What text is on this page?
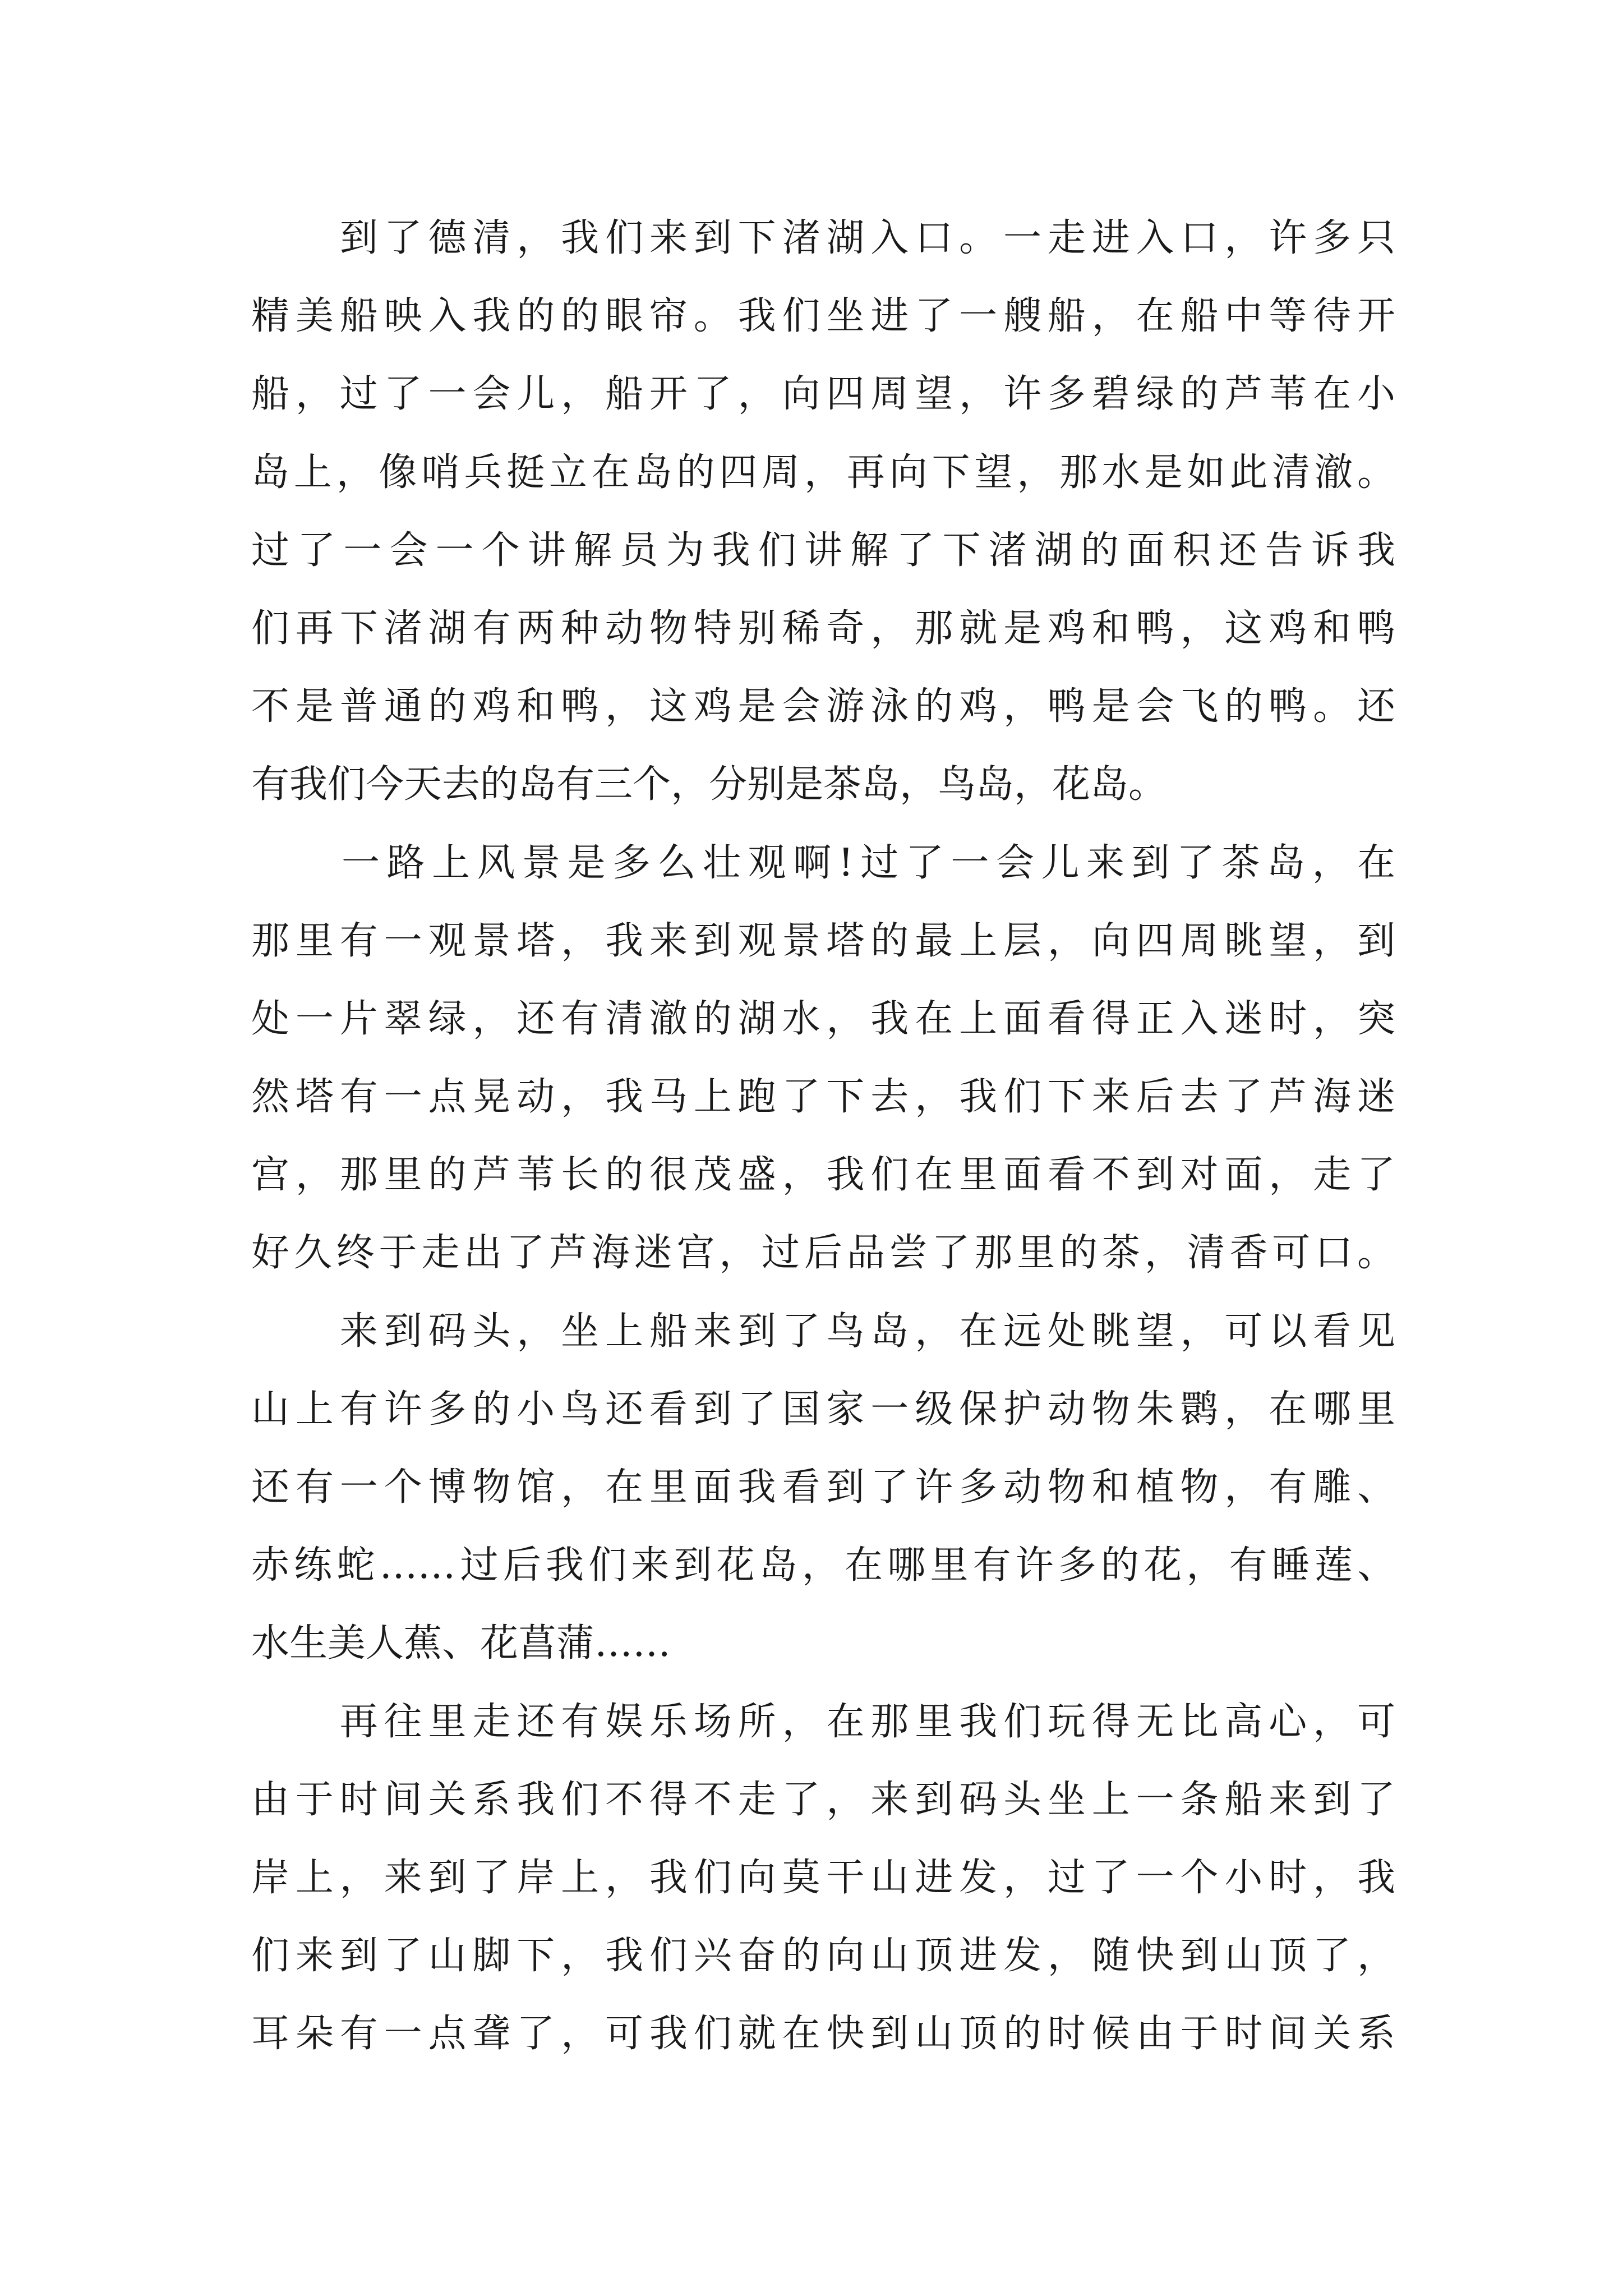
　　到了德清，我们来到下渚湖入口。一走进入口，许多只
精美船映入我的的眼帘。我们坐进了一艘船，在船中等待开
船，过了一会儿，船开了，向四周望，许多碧绿的芦苇在小
岛上，像哨兵挺立在岛的四周，再向下望，那水是如此清澈。
过了一会一个讲解员为我们讲解了下渚湖的面积还告诉我
们再下渚湖有两种动物特别稀奇，那就是鸡和鸭，这鸡和鸭
不是普通的鸡和鸭，这鸡是会游泳的鸡，鸭是会飞的鸭。还
有我们今天去的岛有三个，分别是茶岛，鸟岛，花岛。
　　一路上风景是多么壮观啊!过了一会儿来到了茶岛，在
那里有一观景塔，我来到观景塔的最上层，向四周眺望，到
处一片翠绿，还有清澈的湖水，我在上面看得正入迷时，突
然塔有一点晃动，我马上跑了下去，我们下来后去了芦海迷
宫，那里的芦苇长的很茂盛，我们在里面看不到对面，走了
好久终于走出了芦海迷宫，过后品尝了那里的茶，清香可口。
　　来到码头，坐上船来到了鸟岛，在远处眺望，可以看见
山上有许多的小鸟还看到了国家一级保护动物朱鹮，在哪里
还有一个博物馆，在里面我看到了许多动物和植物，有雕、
赤练蛇……过后我们来到花岛，在哪里有许多的花，有睡莲、
水生美人蕉、花菖蒲……
　　再往里走还有娱乐场所，在那里我们玩得无比高心，可
由于时间关系我们不得不走了，来到码头坐上一条船来到了
岸上，来到了岸上，我们向莫干山进发，过了一个小时，我
们来到了山脚下，我们兴奋的向山顶进发，随快到山顶了，
耳朵有一点聋了，可我们就在快到山顶的时候由于时间关系
